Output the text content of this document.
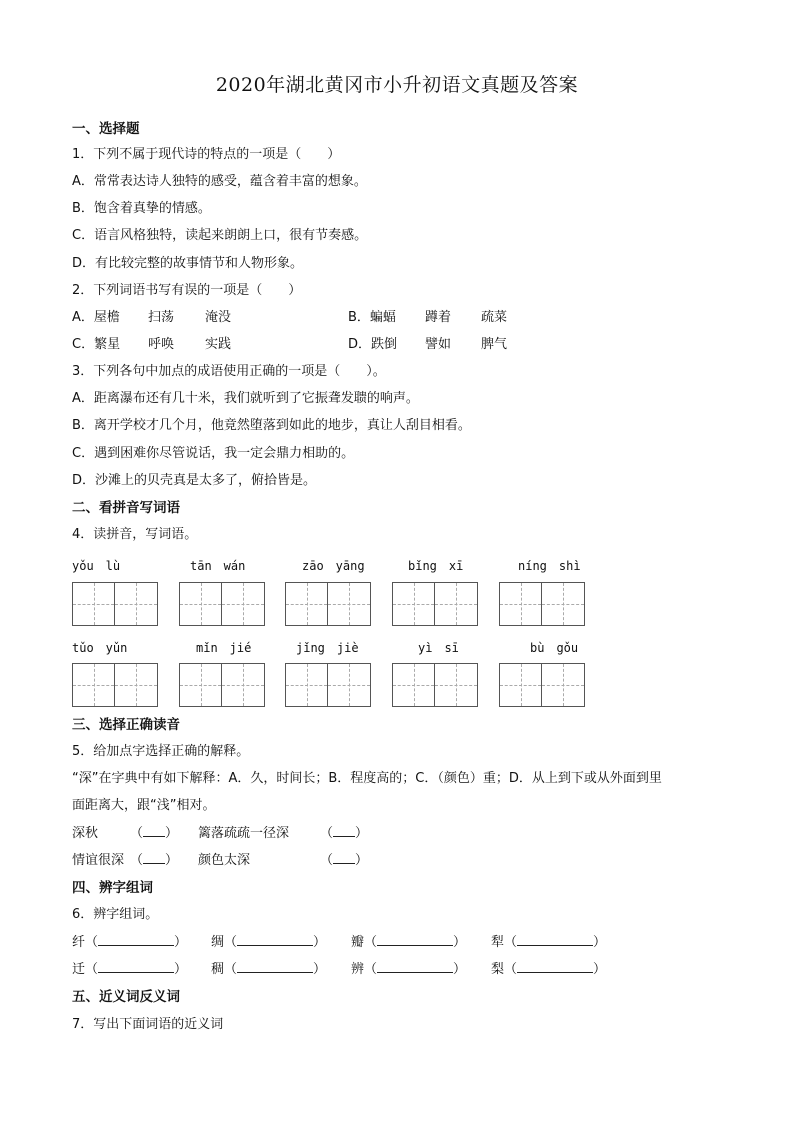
2020年湖北黄冈市小升初语文真题及答案
一、选择题
1．下列不属于现代诗的特点的一项是（　　）
A．常常表达诗人独特的感受，蕴含着丰富的想象。
B．饱含着真挚的情感。
C．语言风格独特，读起来朗朗上口，很有节奏感。
D．有比较完整的故事情节和人物形象。
2．下列词语书写有误的一项是（　　）
A．屋檐 扫荡 淹没	B．蝙蝠 蹲着 疏菜
C．繁星 呼唤 实践	D．跌倒 譬如 脾气
3．下列各句中加点的成语使用正确的一项是（　　）。
A．距离瀑布还有几十米，我们就听到了它振聋发聩的响声。
B．离开学校才几个月，他竟然堕落到如此的地步，真让人刮目相看。
C．遇到困难你尽管说话，我一定会鼎力相助的。
D．沙滩上的贝壳真是太多了，俯拾皆是。
二、看拼音写词语
4．读拼音，写词语。
yǒu　lù	tān　wán	zāo　yāng	bǐng　xī	níng　shì
tǔo　yǔn	mǐn　jié	jǐng　jiè	yì　sī	bù　gǒu
三、选择正确读音
5．给加点字选择正确的解释。
“深”在字典中有如下解释：A．久，时间长；B．程度高的；C．（颜色）重；D．从上到下或从外面到里
面距离大，跟“浅”相对。
深秋 （ ） 篱落疏疏一径深 （ ）
情谊很深 （ ） 颜色太深	（ ）
四、辨字组词
6．辨字组词。
纤（	） 绸（	） 瓣（	） 犁（	）
迁（	） 稠（	） 辨（	） 梨（	）
五、近义词反义词
7．写出下面词语的近义词
